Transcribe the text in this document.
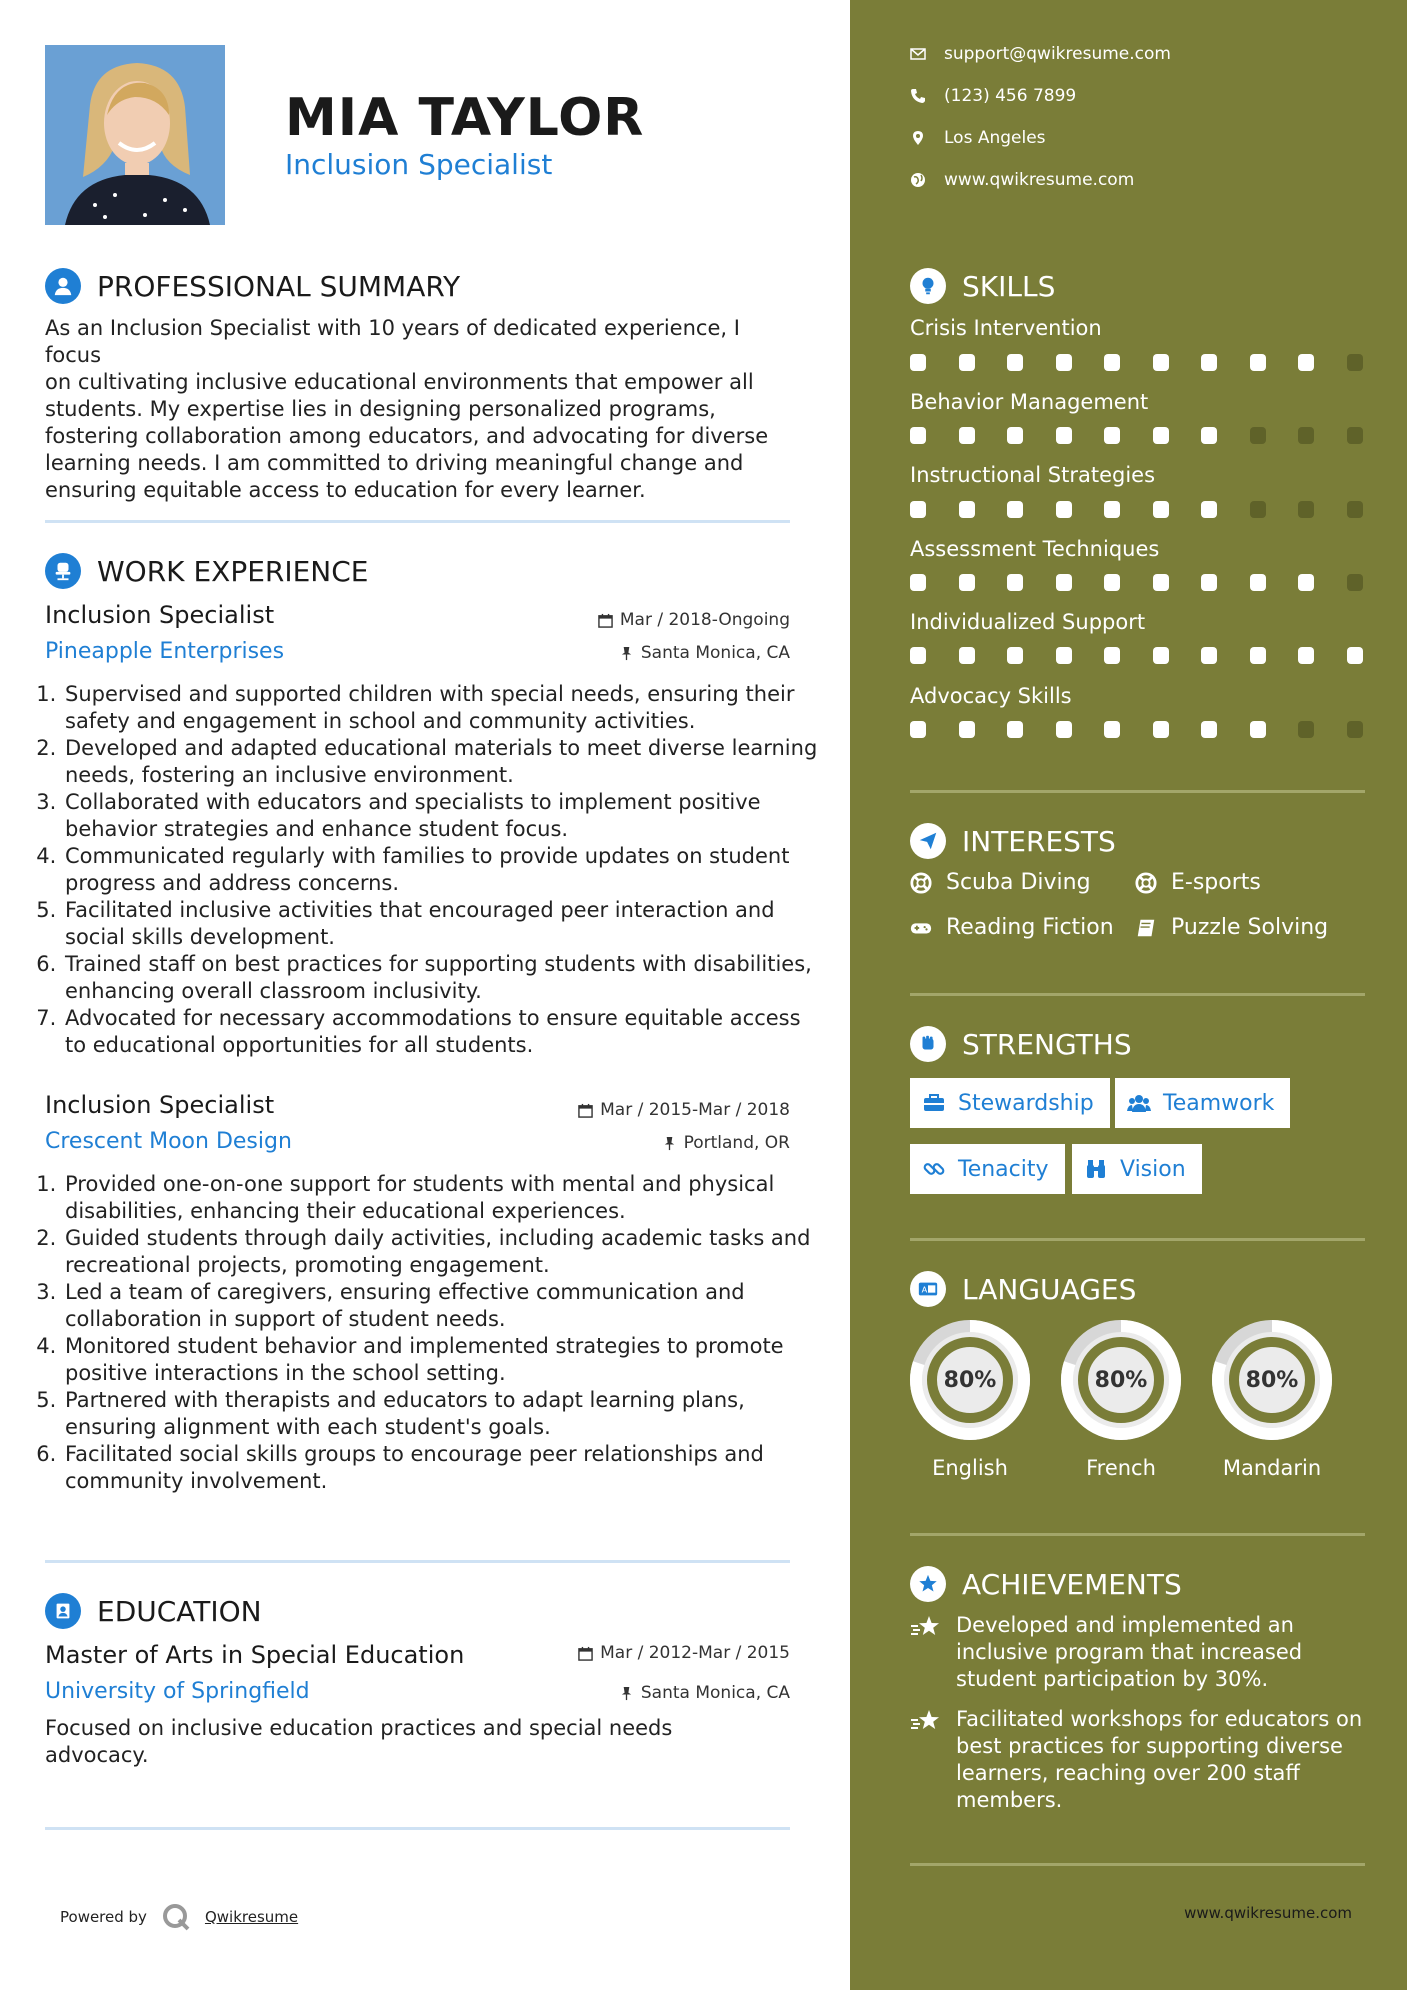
MIA TAYLOR
Inclusion Specialist
PROFESSIONAL SUMMARY
As an Inclusion Specialist with 10 years of dedicated experience, I focus
on cultivating inclusive educational environments that empower all
students. My expertise lies in designing personalized programs,
fostering collaboration among educators, and advocating for diverse
learning needs. I am committed to driving meaningful change and
ensuring equitable access to education for every learner.
WORK EXPERIENCE
Inclusion Specialist	Mar / 2018-Ongoing
Pineapple Enterprises	Santa Monica, CA
1. Supervised and supported children with special needs, ensuring their safety and engagement in school and community activities.
2. Developed and adapted educational materials to meet diverse learning needs, fostering an inclusive environment.
3. Collaborated with educators and specialists to implement positive behavior strategies and enhance student focus.
4. Communicated regularly with families to provide updates on student progress and address concerns.
5. Facilitated inclusive activities that encouraged peer interaction and social skills development.
6. Trained staff on best practices for supporting students with disabilities, enhancing overall classroom inclusivity.
7. Advocated for necessary accommodations to ensure equitable access to educational opportunities for all students.
Inclusion Specialist	Mar / 2015-Mar / 2018
Crescent Moon Design	Portland, OR
1. Provided one-on-one support for students with mental and physical disabilities, enhancing their educational experiences.
2. Guided students through daily activities, including academic tasks and recreational projects, promoting engagement.
3. Led a team of caregivers, ensuring effective communication and collaboration in support of student needs.
4. Monitored student behavior and implemented strategies to promote positive interactions in the school setting.
5. Partnered with therapists and educators to adapt learning plans, ensuring alignment with each student's goals.
6. Facilitated social skills groups to encourage peer relationships and community involvement.
EDUCATION
Master of Arts in Special Education	Mar / 2012-Mar / 2015
University of Springfield	Santa Monica, CA
Focused on inclusive education practices and special needs advocacy.
Powered by	Qwikresume
support@qwikresume.com
(123) 456 7899
Los Angeles
www.qwikresume.com
SKILLS
Crisis Intervention
Behavior Management
Instructional Strategies
Assessment Techniques
Individualized Support
Advocacy Skills
INTERESTS
Scuba Diving	E-sports
Reading Fiction	Puzzle Solving
STRENGTHS
Stewardship	Teamwork
Tenacity	Vision
A LANGUAGES
80%
English
80%
French
80%
Mandarin
ACHIEVEMENTS
Developed and implemented an inclusive program that increased student participation by 30%.
Facilitated workshops for educators on best practices for supporting diverse learners, reaching over 200 staff members.
www.qwikresume.com
